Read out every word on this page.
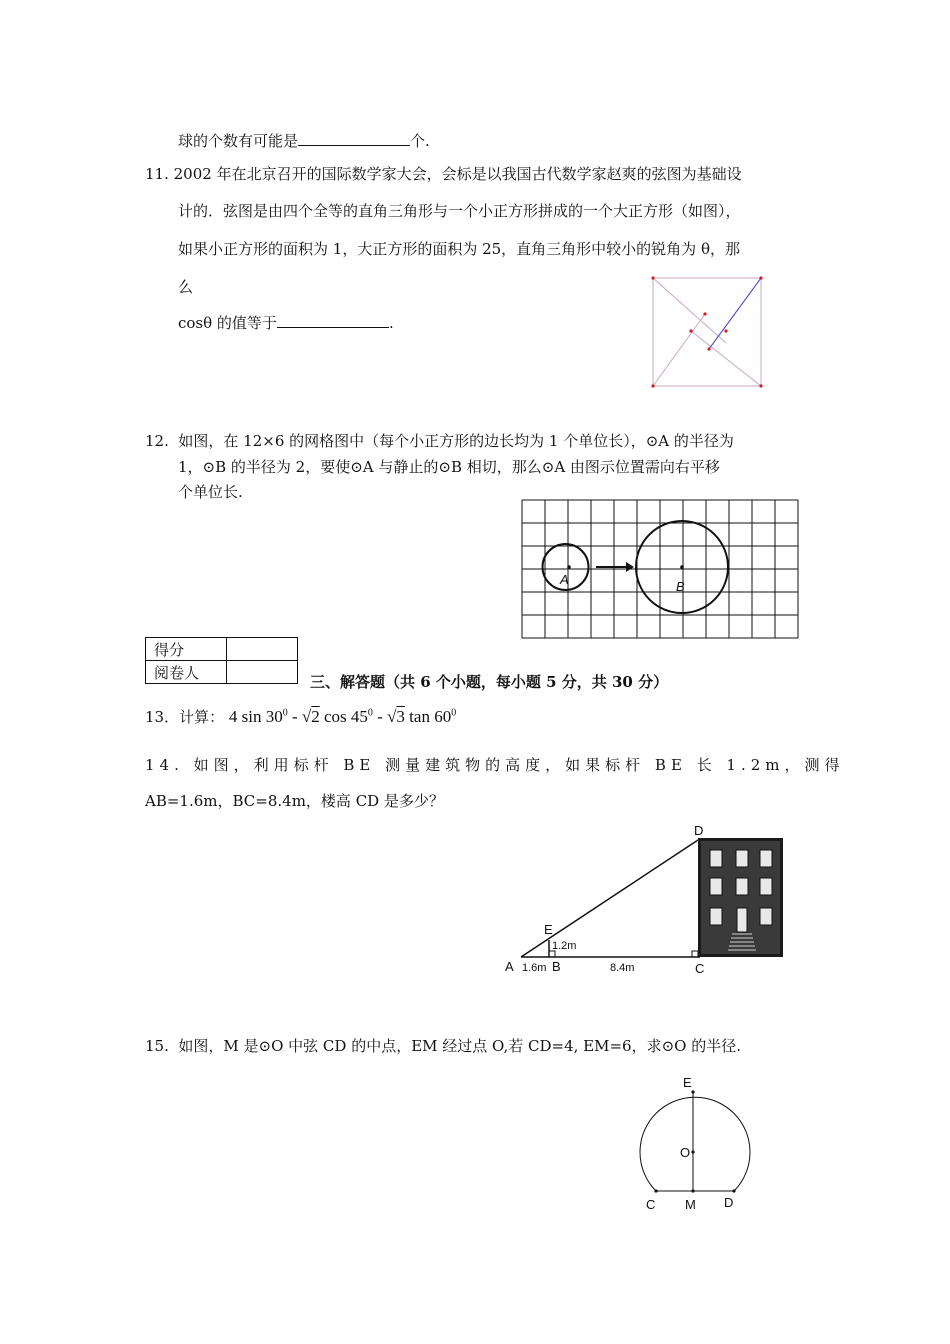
球的个数有可能是	个.
11. 2002 年在北京召开的国际数学家大会，会标是以我国古代数学家赵爽的弦图为基础设
计的．弦图是由四个全等的直角三角形与一个小正方形拼成的一个大正方形（如图），
如果小正方形的面积为 1，大正方形的面积为 25，直角三角形中较小的锐角为 θ，那
么
cosθ 的值等于	.
12. 如图，在 12×6 的网格图中（每个小正方形的边长均为 1 个单位长），⊙A 的半径为
1，⊙B 的半径为 2，要使⊙A 与静止的⊙B 相切，那么⊙A 由图示位置需向右平移
个单位长.
A	B
得分	
阅卷人	
三、解答题（共 6 个小题，每小题 5 分，共 30 分）
13．计算： 4 $\sin 30^0 - √2$ $\cos 45^0 - √3$ $\tan 60^0$
14. 如图，利用标杆 BE 测量建筑物的高度，如果标杆 BE 长 1.2m，测得
AB=1.6m，BC=8.4m，楼高 CD 是多少？
D
E
1.2m
A 1.6m B	8.4m	C
15. 如图，M 是⊙O 中弦 CD 的中点，EM 经过点 O,若 CD=4, EM=6，求⊙O 的半径.
E
O
C M D
